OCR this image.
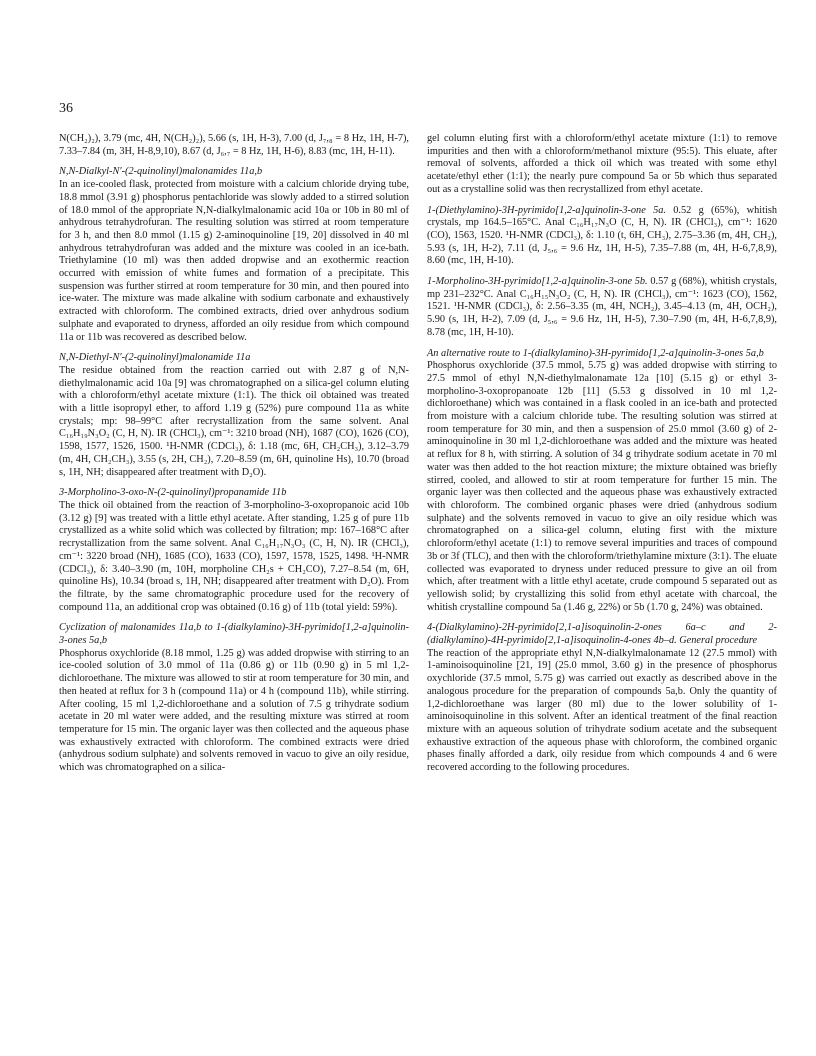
36
N(CH₂)₂), 3.79 (mc, 4H, N(CH₂)₂), 5.66 (s, 1H, H-3), 7.00 (d, J₇,₈ = 8 Hz, 1H, H-7), 7.33–7.84 (m, 3H, H-8,9,10), 8.67 (d, J₆,₇ = 8 Hz, 1H, H-6), 8.83 (mc, 1H, H-11).
N,N-Dialkyl-N′-(2-quinolinyl)malonamides 11a,b
In an ice-cooled flask, protected from moisture with a calcium chloride drying tube, 18.8 mmol (3.91 g) phosphorus pentachloride was slowly added to a stirred solution of 18.0 mmol of the appropriate N,N-dialkylmalonamic acid 10a or 10b in 80 ml of anhydrous tetrahydrofuran. The resulting solution was stirred at room temperature for 3 h, and then 8.0 mmol (1.15 g) 2-aminoquinoline [19, 20] dissolved in 40 ml anhydrous tetrahydrofuran was added and the mixture was cooled in an ice-bath. Triethylamine (10 ml) was then added dropwise and an exothermic reaction occurred with emission of white fumes and formation of a precipitate. This suspension was further stirred at room temperature for 30 min, and then poured into ice-water. The mixture was made alkaline with sodium carbonate and exhaustively extracted with chloroform. The combined extracts, dried over anhydrous sodium sulphate and evaporated to dryness, afforded an oily residue from which compound 11a or 11b was recovered as described below.
N,N-Diethyl-N′-(2-quinolinyl)malonamide 11a
The residue obtained from the reaction carried out with 2.87 g of N,N-diethylmalonamic acid 10a [9] was chromatographed on a silica-gel column eluting with a chloroform/ethyl acetate mixture (1:1). The thick oil obtained was treated with a little isopropyl ether, to afford 1.19 g (52%) pure compound 11a as white crystals; mp: 98–99°C after recrystallization from the same solvent. Anal C₁₆H₁₉N₃O₂ (C, H, N). IR (CHCl₃), cm⁻¹: 3210 broad (NH), 1687 (CO), 1626 (CO), 1598, 1577, 1526, 1500. ¹H-NMR (CDCl₃), δ: 1.18 (mc, 6H, CH₂CH₃), 3.12–3.79 (m, 4H, CH₂CH₃), 3.55 (s, 2H, CH₂), 7.20–8.59 (m, 6H, quinoline Hs), 10.70 (broad s, 1H, NH; disappeared after treatment with D₂O).
3-Morpholino-3-oxo-N-(2-quinolinyl)propanamide 11b
The thick oil obtained from the reaction of 3-morpholino-3-oxopropanoic acid 10b (3.12 g) [9] was treated with a little ethyl acetate. After standing, 1.25 g of pure 11b crystallized as a white solid which was collected by filtration; mp: 167–168°C after recrystallization from the same solvent. Anal C₁₆H₁₇N₃O₃ (C, H, N). IR (CHCl₃), cm⁻¹: 3220 broad (NH), 1685 (CO), 1633 (CO), 1597, 1578, 1525, 1498. ¹H-NMR (CDCl₃), δ: 3.40–3.90 (m, 10H, morpholine CH₂s + CH₂CO), 7.27–8.54 (m, 6H, quinoline Hs), 10.34 (broad s, 1H, NH; disappeared after treatment with D₂O). From the filtrate, by the same chromatographic procedure used for the recovery of compound 11a, an additional crop was obtained (0.16 g) of 11b (total yield: 59%).
Cyclization of malonamides 11a,b to 1-(dialkylamino)-3H-pyrimido[1,2-a]quinolin-3-ones 5a,b
Phosphorus oxychloride (8.18 mmol, 1.25 g) was added dropwise with stirring to an ice-cooled solution of 3.0 mmol of 11a (0.86 g) or 11b (0.90 g) in 5 ml 1,2-dichloroethane. The mixture was allowed to stir at room temperature for 30 min, and then heated at reflux for 3 h (compound 11a) or 4 h (compound 11b), while stirring. After cooling, 15 ml 1,2-dichloroethane and a solution of 7.5 g trihydrate sodium acetate in 20 ml water were added, and the resulting mixture was stirred at room temperature for 15 min. The organic layer was then collected and the aqueous phase was exhaustively extracted with chloroform. The combined extracts were dried (anhydrous sodium sulphate) and solvents removed in vacuo to give an oily residue, which was chromatographed on a silica-
gel column eluting first with a chloroform/ethyl acetate mixture (1:1) to remove impurities and then with a chloroform/methanol mixture (95:5). This eluate, after removal of solvents, afforded a thick oil which was treated with some ethyl acetate/ethyl ether (1:1); the nearly pure compound 5a or 5b which thus separated out as a crystalline solid was then recrystallized from ethyl acetate.
1-(Diethylamino)-3H-pyrimido[1,2-a]quinolin-3-one 5a. 0.52 g (65%), whitish crystals, mp 164.5–165°C. Anal C₁₆H₁₇N₃O (C, H, N). IR (CHCl₃), cm⁻¹: 1620 (CO), 1563, 1520. ¹H-NMR (CDCl₃), δ: 1.10 (t, 6H, CH₃), 2.75–3.36 (m, 4H, CH₂), 5.93 (s, 1H, H-2), 7.11 (d, J₅,₆ = 9.6 Hz, 1H, H-5), 7.35–7.88 (m, 4H, H-6,7,8,9), 8.60 (mc, 1H, H-10).
1-Morpholino-3H-pyrimido[1,2-a]quinolin-3-one 5b. 0.57 g (68%), whitish crystals, mp 231–232°C. Anal C₁₆H₁₅N₃O₂ (C, H, N). IR (CHCl₃), cm⁻¹: 1623 (CO), 1562, 1521. ¹H-NMR (CDCl₃), δ: 2.56–3.35 (m, 4H, NCH₂), 3.45–4.13 (m, 4H, OCH₂), 5.90 (s, 1H, H-2), 7.09 (d, J₅,₆ = 9.6 Hz, 1H, H-5), 7.30–7.90 (m, 4H, H-6,7,8,9), 8.78 (mc, 1H, H-10).
An alternative route to 1-(dialkylamino)-3H-pyrimido[1,2-a]quinolin-3-ones 5a,b
Phosphorus oxychloride (37.5 mmol, 5.75 g) was added dropwise with stirring to 27.5 mmol of ethyl N,N-diethylmalonamate 12a [10] (5.15 g) or ethyl 3-morpholino-3-oxopropanoate 12b [11] (5.53 g dissolved in 10 ml 1,2-dichloroethane) which was contained in a flask cooled in an ice-bath and protected from moisture with a calcium chloride tube. The resulting solution was stirred at room temperature for 30 min, and then a suspension of 25.0 mmol (3.60 g) of 2-aminoquinoline in 30 ml 1,2-dichloroethane was added and the mixture was heated at reflux for 8 h, with stirring. A solution of 34 g trihydrate sodium acetate in 70 ml water was then added to the hot reaction mixture; the mixture obtained was briefly stirred, cooled, and allowed to stir at room temperature for further 15 min. The organic layer was then collected and the aqueous phase was exhaustively extracted with chloroform. The combined organic phases were dried (anhydrous sodium sulphate) and the solvents removed in vacuo to give an oily residue which was chromatographed on a silica-gel column, eluting first with the mixture chloroform/ethyl acetate (1:1) to remove several impurities and traces of compound 3b or 3f (TLC), and then with the chloroform/triethylamine mixture (3:1). The eluate collected was evaporated to dryness under reduced pressure to give an oil from which, after treatment with a little ethyl acetate, crude compound 5 separated out as yellowish solid; by crystallizing this solid from ethyl acetate with charcoal, the whitish crystalline compound 5a (1.46 g, 22%) or 5b (1.70 g, 24%) was obtained.
4-(Dialkylamino)-2H-pyrimido[2,1-a]isoquinolin-2-ones 6a–c and 2-(dialkylamino)-4H-pyrimido[2,1-a]isoquinolin-4-ones 4b–d. General procedure
The reaction of the appropriate ethyl N,N-dialkylmalonamate 12 (27.5 mmol) with 1-aminoisoquinoline [21, 19] (25.0 mmol, 3.60 g) in the presence of phosphorus oxychloride (37.5 mmol, 5.75 g) was carried out exactly as described above in the analogous procedure for the preparation of compounds 5a,b. Only the quantity of 1,2-dichloroethane was larger (80 ml) due to the lower solubility of 1-aminoisoquinoline in this solvent. After an identical treatment of the final reaction mixture with an aqueous solution of trihydrate sodium acetate and the subsequent exhaustive extraction of the aqueous phase with chloroform, the combined organic phases finally afforded a dark, oily residue from which compounds 4 and 6 were recovered according to the following procedures.
